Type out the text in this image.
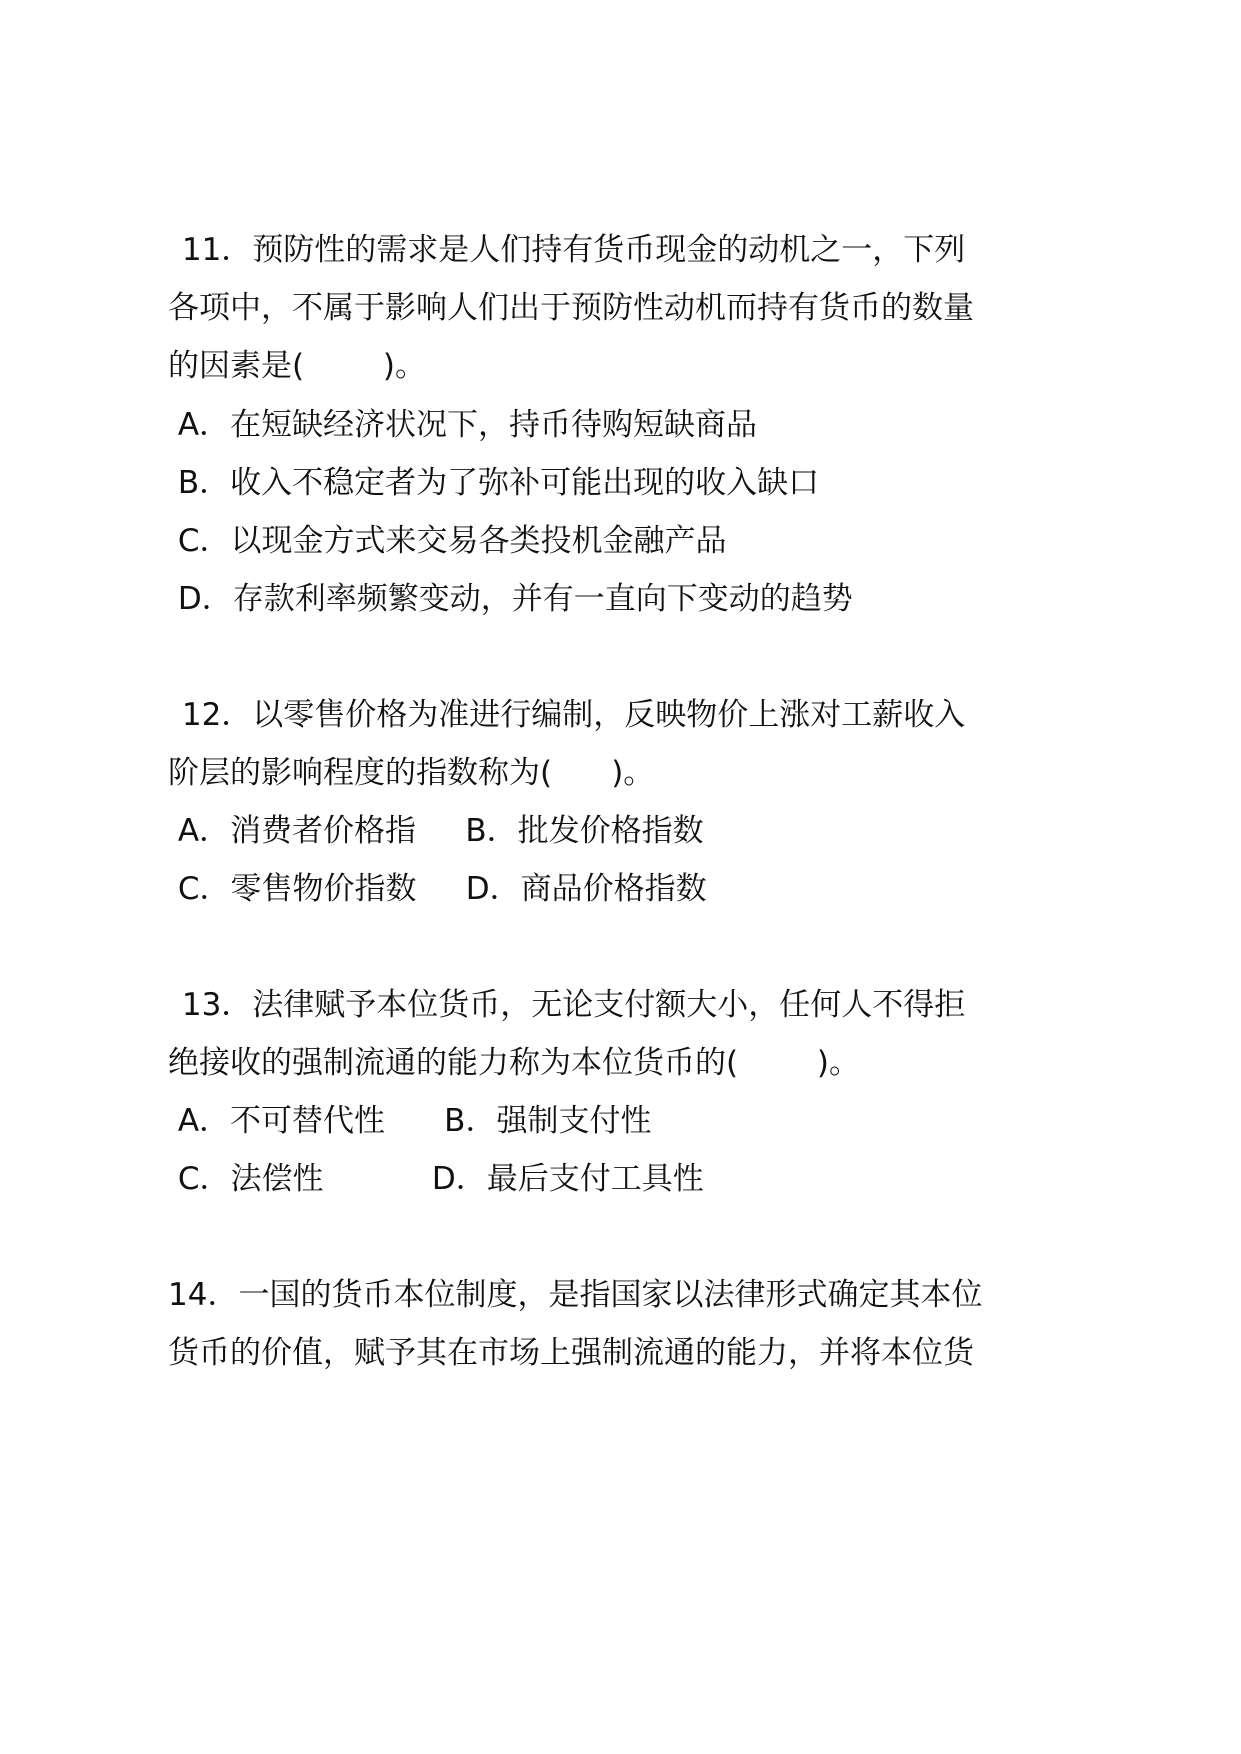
11．预防性的需求是人们持有货币现金的动机之一，下列
各项中，不属于影响人们出于预防性动机而持有货币的数量
的因素是(        )。
A．在短缺经济状况下，持币待购短缺商品
B．收入不稳定者为了弥补可能出现的收入缺口
C．以现金方式来交易各类投机金融产品
D．存款利率频繁变动，并有一直向下变动的趋势
12．以零售价格为准进行编制，反映物价上涨对工薪收入
阶层的影响程度的指数称为(      )。
A．消费者价格指     B．批发价格指数
C．零售物价指数     D．商品价格指数
13．法律赋予本位货币，无论支付额大小，任何人不得拒
绝接收的强制流通的能力称为本位货币的(        )。
A．不可替代性      B．强制支付性
C．法偿性           D．最后支付工具性
14．一国的货币本位制度，是指国家以法律形式确定其本位
货币的价值，赋予其在市场上强制流通的能力，并将本位货
